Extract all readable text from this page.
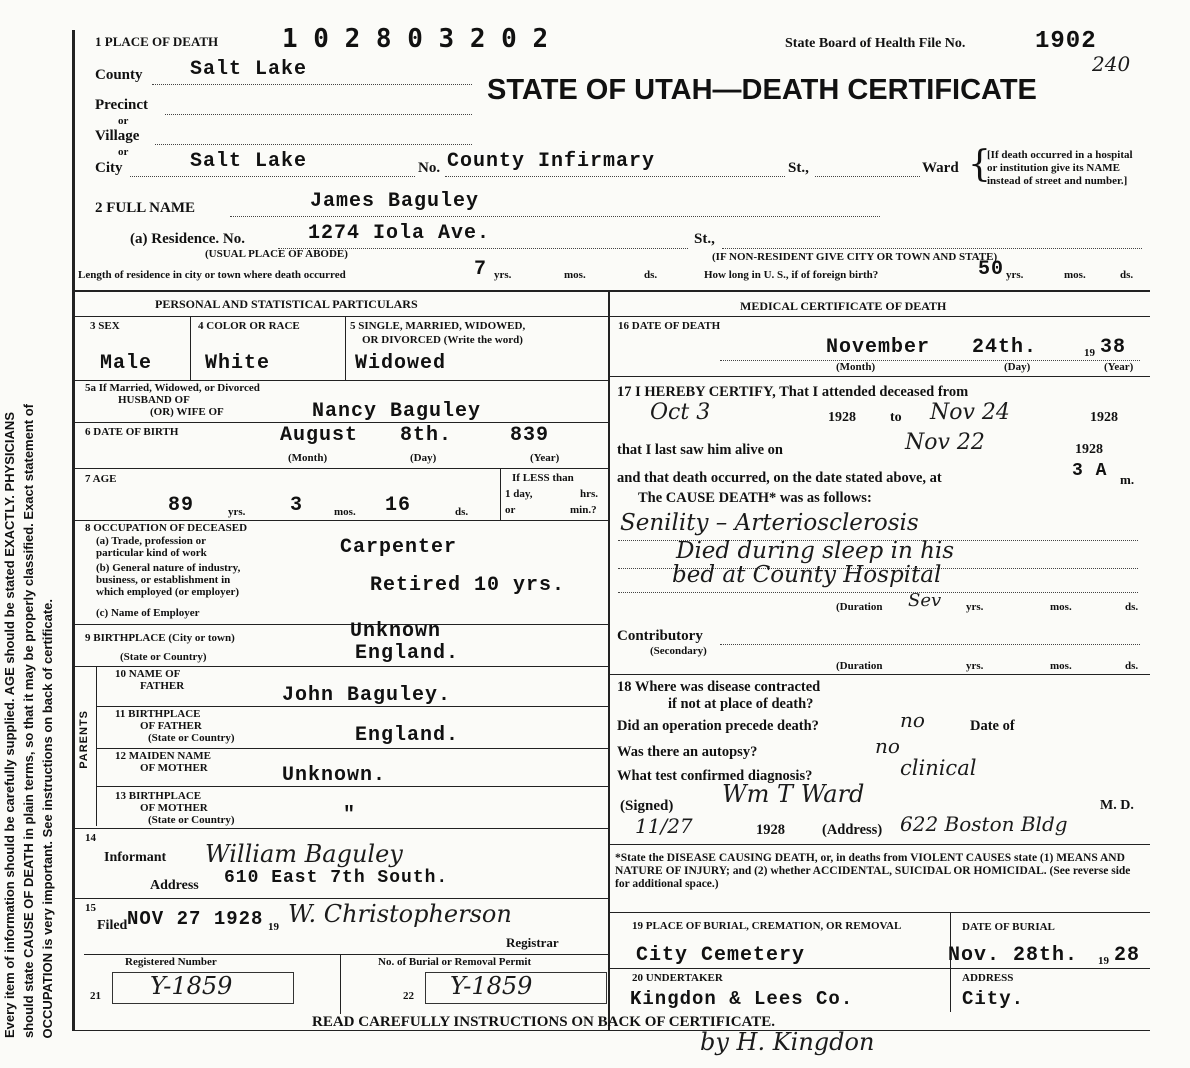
Every item of information should be carefully supplied. AGE should be stated EXACTLY. PHYSICIANS should state CAUSE OF DEATH in plain terms, so that it may be properly classified. Exact statement of OCCUPATION is very important. See instructions on back of certificate.
1 PLACE OF DEATH 1 0 2 8 0 3 2 0 2	State Board of Health File No.	1902
240
STATE OF UTAH—DEATH CERTIFICATE
County Salt Lake
Precinct
or
Village
or
City	Salt Lake	No. County Infirmary	St.,	Ward {
[If death occurred in a hospital or institution give its NAME instead of street and number.]
2 FULL NAME	James Baguley
(a) Residence. No.	1274 Iola Ave.	St.,
(USUAL PLACE OF ABODE)	(IF NON-RESIDENT GIVE CITY OR TOWN AND STATE)
Length of residence in city or town where death occurred	7 yrs.	mos.	ds.	How long in U. S., if of foreign birth?	50 yrs.	mos.	ds.
PERSONAL AND STATISTICAL PARTICULARS
3 SEX
Male
4 COLOR OR RACE
White
5 SINGLE, MARRIED, WIDOWED,
OR DIVORCED (Write the word)
Widowed
5a If Married, Widowed, or Divorced
HUSBAND OF
(OR) WIFE OF	Nancy Baguley
6 DATE OF BIRTH	August 8th.	839
(Month)	(Day)	(Year)
7 AGE
89	yrs. 3	mos. 16	ds.
If LESS than
1 day,	hrs.
or	min.?
8 OCCUPATION OF DECEASED
(a) Trade, profession or
particular kind of work	Carpenter
(b) General nature of industry,
business, or establishment in
which employed (or employer)	Retired 10 yrs.
(c) Name of Employer
9 BIRTHPLACE (City or town)	Unknown
(State or Country)	England.
PARENTS
10 NAME OF
FATHER	John Baguley.
11 BIRTHPLACE
OF FATHER
(State or Country)	England.
12 MAIDEN NAME
OF MOTHER	Unknown.
13 BIRTHPLACE
OF MOTHER
(State or Country)	"
14
Informant William Baguley
Address 610 East 7th South.
15
Filed NOV 27 1928 19 W. Christopherson
Registrar
Registered Number	No. of Burial or Removal Permit
21 Y-1859	22 Y-1859
MEDICAL CERTIFICATE OF DEATH
16 DATE OF DEATH
November 24th.	19 38
(Month)	(Day)	(Year)
17 I HEREBY CERTIFY, That I attended deceased from
Oct 3	1928 to Nov 24	1928
that I last saw him alive on	Nov 22	1928
and that death occurred, on the date stated above, at	3 A m.
The CAUSE DEATH* was as follows:
Senility – Arteriosclerosis
Died during sleep in his
bed at County Hospital
(Duration Sev yrs.	mos.	ds.
Contributory
(Secondary)
(Duration	yrs.	mos.	ds.
18 Where was disease contracted
if not at place of death?
Did an operation precede death?	no	Date of
Was there an autopsy?	no
What test confirmed diagnosis?	clinical
(Signed) Wm T Ward	M. D.
11/27	1928	(Address) 622 Boston Bldg
*State the DISEASE CAUSING DEATH, or, in deaths from VIOLENT CAUSES state (1) MEANS AND NATURE OF INJURY; and (2) whether ACCIDENTAL, SUICIDAL OR HOMICIDAL. (See reverse side for additional space.)
19 PLACE OF BURIAL, CREMATION, OR REMOVAL
City Cemetery
DATE OF BURIAL
Nov. 28th. 19 28
20 UNDERTAKER
Kingdon & Lees Co.
ADDRESS
City.
READ CAREFULLY INSTRUCTIONS ON BACK OF CERTIFICATE.
by H. Kingdon
